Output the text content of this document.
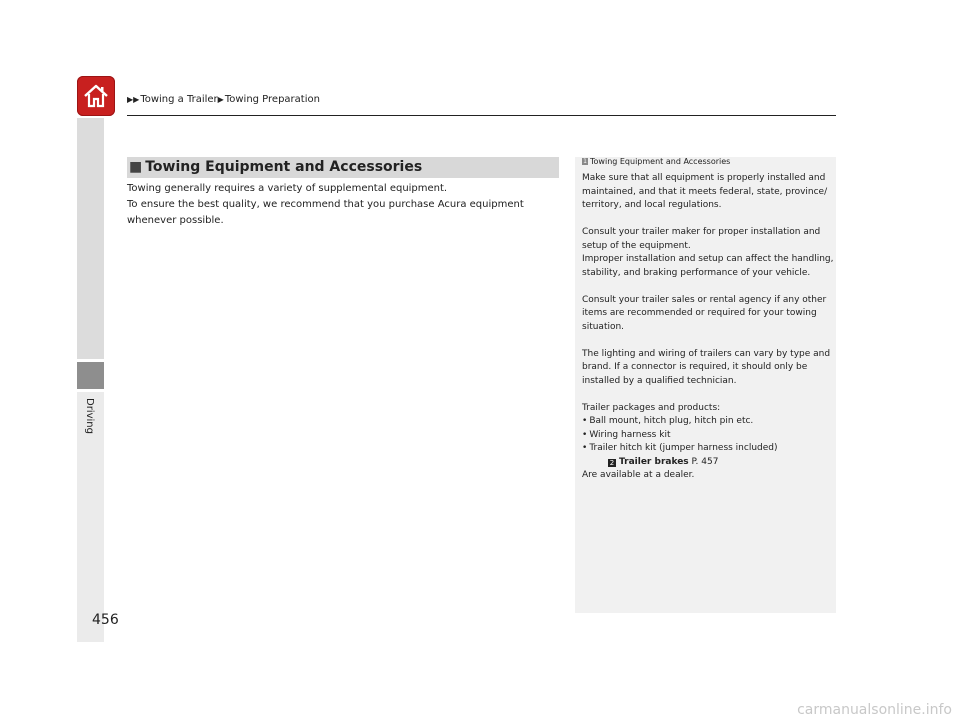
▶▶Towing a Trailer▶Towing Preparation
Driving
456
■ Towing Equipment and Accessories

Towing generally requires a variety of supplemental equipment.

To ensure the best quality, we recommend that you purchase Acura equipment whenever possible.

1 Towing Equipment and Accessories

Make sure that all equipment is properly installed and maintained, and that it meets federal, state, province/ territory, and local regulations.

Consult your trailer maker for proper installation and setup of the equipment.

Improper installation and setup can affect the handling, stability, and braking performance of your vehicle.

Consult your trailer sales or rental agency if any other items are recommended or required for your towing situation.

The lighting and wiring of trailers can vary by type and brand. If a connector is required, it should only be installed by a qualified technician.

Trailer packages and products:

• Ball mount, hitch plug, hitch pin etc.
• Wiring harness kit
• Trailer hitch kit (jumper harness included)
2 Trailer brakes P. 457

Are available at a dealer.

carmanualsonline.info
